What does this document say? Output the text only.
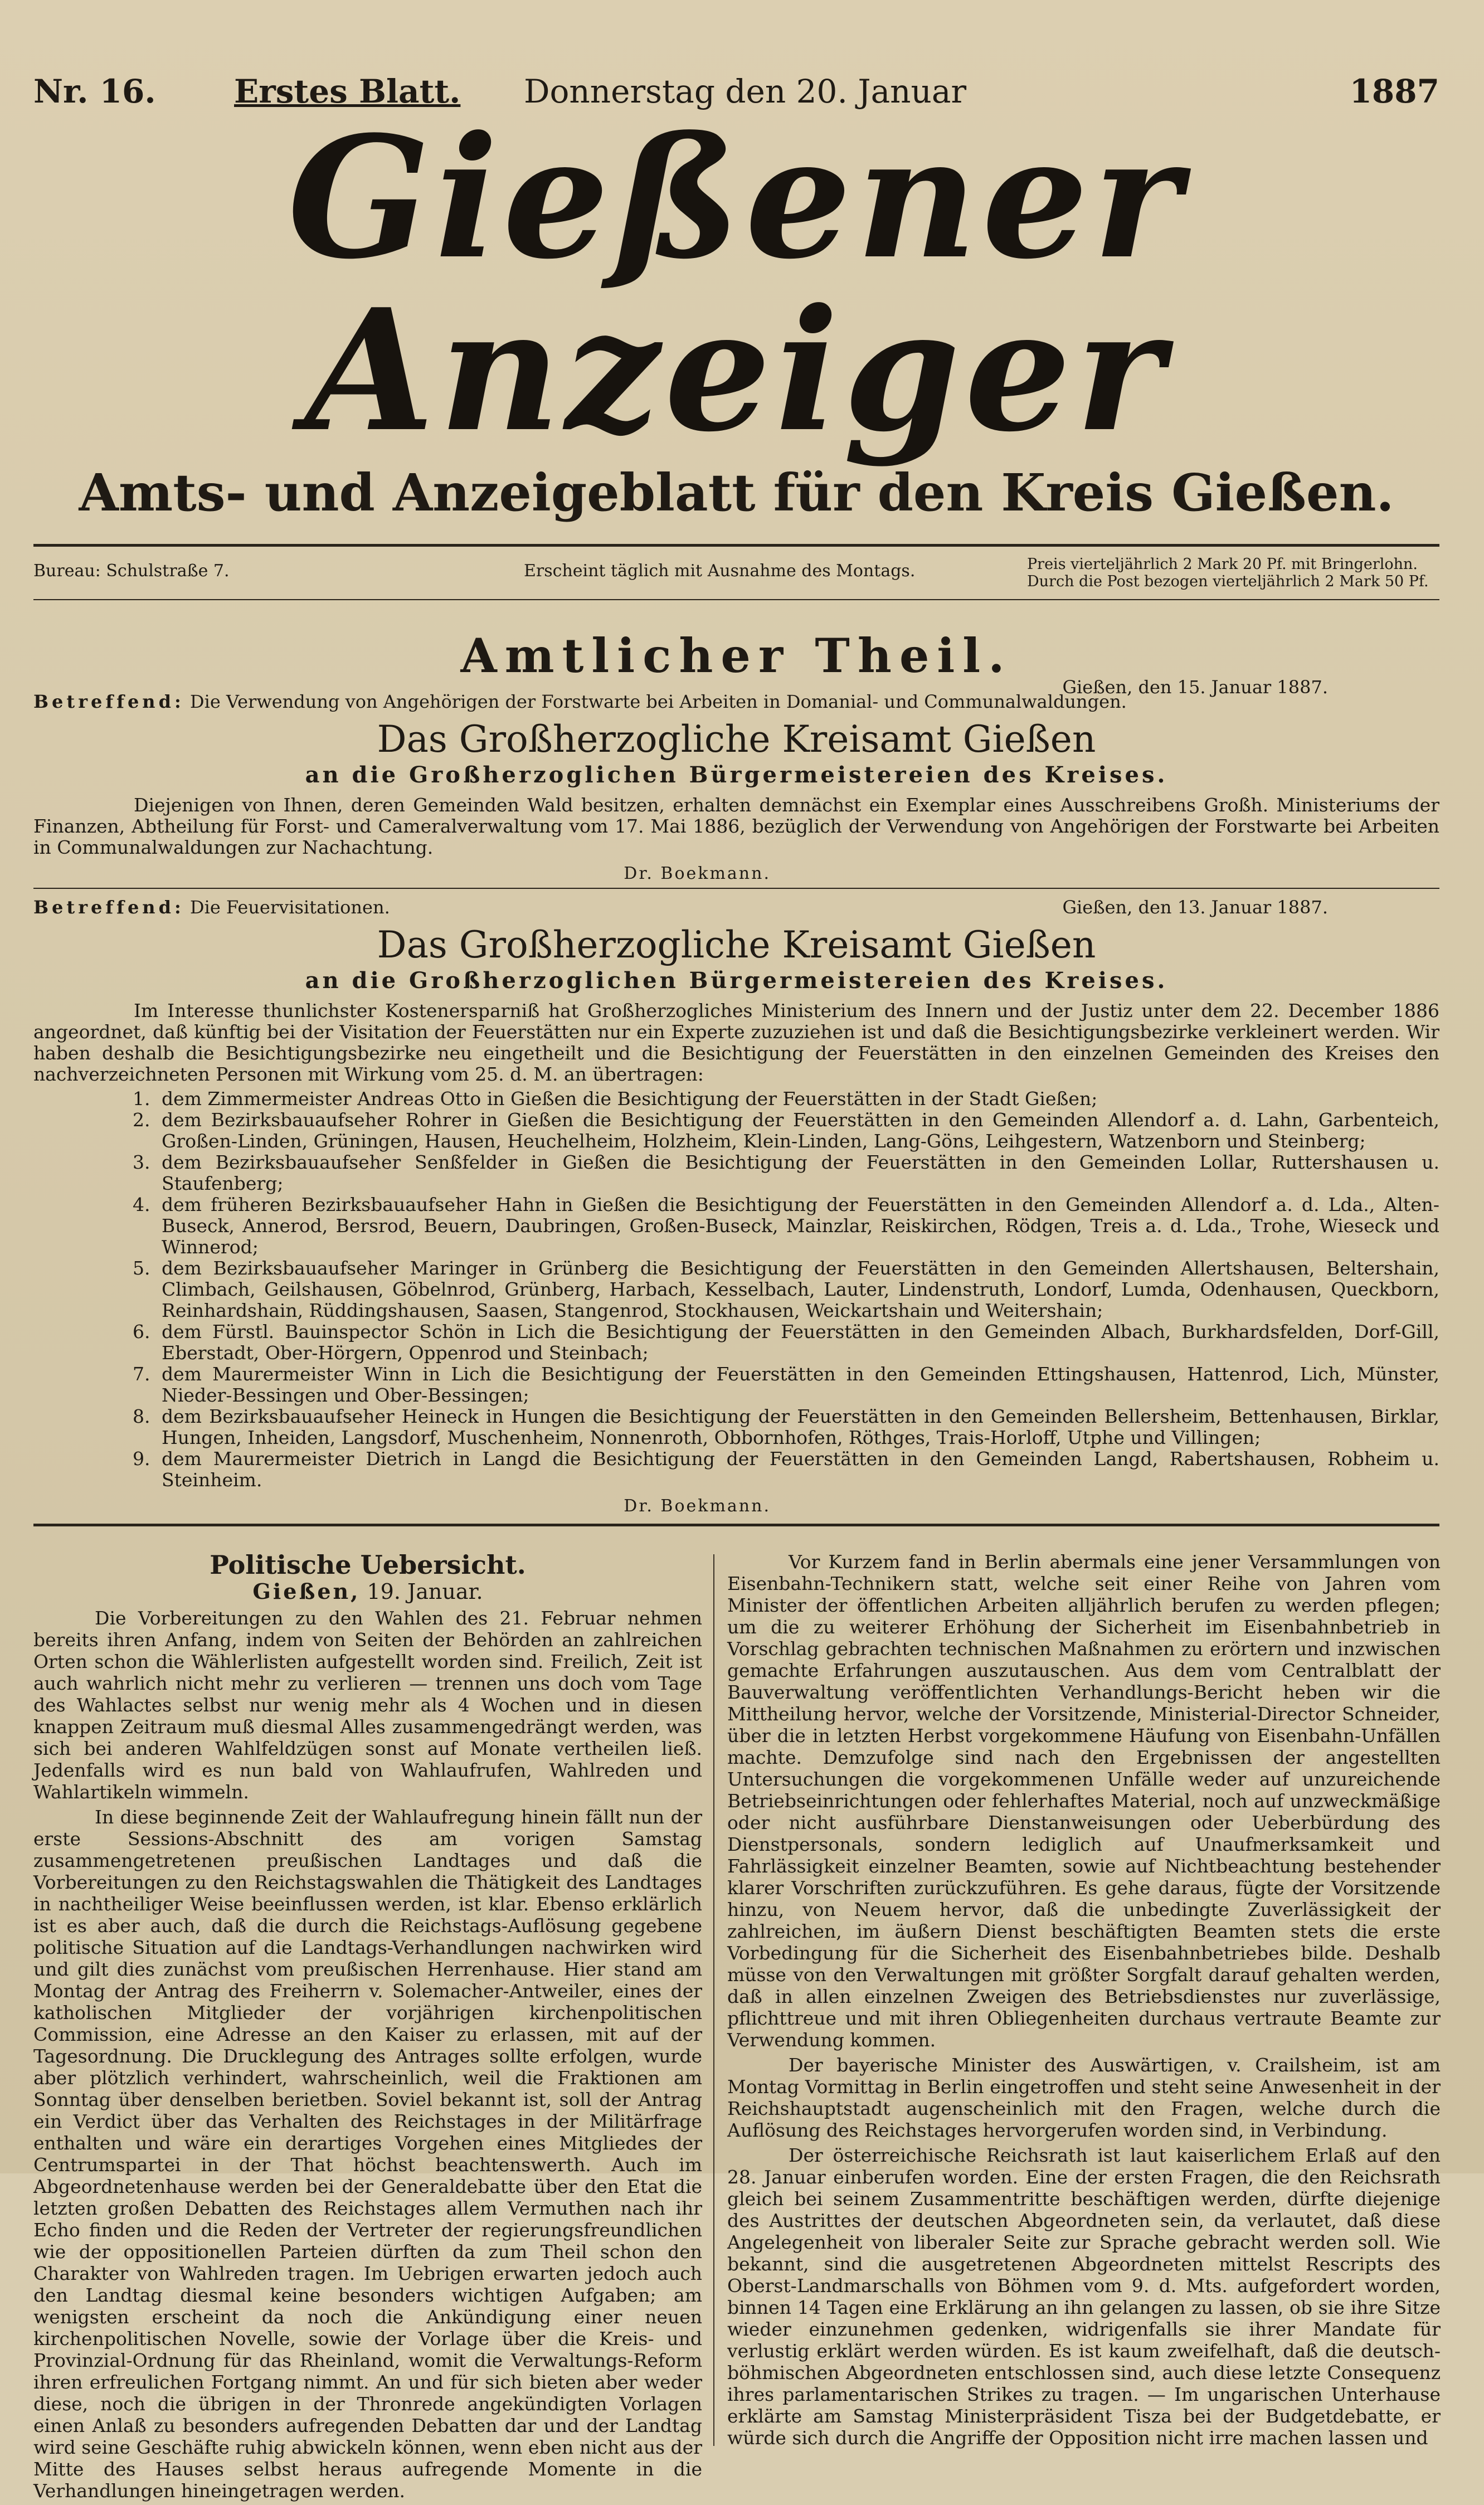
Nr. 16. Erstes Blatt. Donnerstag den 20. Januar	1887
Gießener Anzeiger
Amts- und Anzeigeblatt für den Kreis Gießen.
Bureau: Schulstraße 7.	Erscheint täglich mit Ausnahme des Montags.	Preis vierteljährlich 2 Mark 20 Pf. mit Bringerlohn.
Durch die Post bezogen vierteljährlich 2 Mark 50 Pf.
Amtlicher Theil.
Gießen, den 15. Januar 1887.
Betreffend: Die Verwendung von Angehörigen der Forstwarte bei Arbeiten in Domanial- und Communalwaldungen.
Das Großherzogliche Kreisamt Gießen
an die Großherzoglichen Bürgermeistereien des Kreises.
Diejenigen von Ihnen, deren Gemeinden Wald besitzen, erhalten demnächst ein Exemplar eines Ausschreibens Großh. Ministeriums der Finanzen, Abtheilung für Forst- und Cameralverwaltung vom 17. Mai 1886, bezüglich der Verwendung von Angehörigen der Forstwarte bei Arbeiten in Communalwaldungen zur Nachachtung.
Dr. Boekmann.
Gießen, den 13. Januar 1887.
Betreffend: Die Feuervisitationen.
Das Großherzogliche Kreisamt Gießen
an die Großherzoglichen Bürgermeistereien des Kreises.
Im Interesse thunlichster Kostenersparniß hat Großherzogliches Ministerium des Innern und der Justiz unter dem 22. December 1886 angeordnet, daß künftig bei der Visitation der Feuerstätten nur ein Experte zuzuziehen ist und daß die Besichtigungsbezirke verkleinert werden. Wir haben deshalb die Besichtigungsbezirke neu eingetheilt und die Besichtigung der Feuerstätten in den einzelnen Gemeinden des Kreises den nachverzeichneten Personen mit Wirkung vom 25. d. M. an übertragen:
1. dem Zimmermeister Andreas Otto in Gießen die Besichtigung der Feuerstätten in der Stadt Gießen;
2. dem Bezirksbauaufseher Rohrer in Gießen die Besichtigung der Feuerstätten in den Gemeinden Allendorf a. d. Lahn, Garbenteich, Großen-Linden, Grüningen, Hausen, Heuchelheim, Holzheim, Klein-Linden, Lang-Göns, Leihgestern, Watzenborn und Steinberg;
3. dem Bezirksbauaufseher Senßfelder in Gießen die Besichtigung der Feuerstätten in den Gemeinden Lollar, Ruttershausen u. Staufenberg;
4. dem früheren Bezirksbauaufseher Hahn in Gießen die Besichtigung der Feuerstätten in den Gemeinden Allendorf a. d. Lda., Alten-Buseck, Annerod, Bersrod, Beuern, Daubringen, Großen-Buseck, Mainzlar, Reiskirchen, Rödgen, Treis a. d. Lda., Trohe, Wieseck und Winnerod;
5. dem Bezirksbauaufseher Maringer in Grünberg die Besichtigung der Feuerstätten in den Gemeinden Allertshausen, Beltershain, Climbach, Geilshausen, Göbelnrod, Grünberg, Harbach, Kesselbach, Lauter, Lindenstruth, Londorf, Lumda, Odenhausen, Queckborn, Reinhardshain, Rüddingshausen, Saasen, Stangenrod, Stockhausen, Weickartshain und Weitershain;
6. dem Fürstl. Bauinspector Schön in Lich die Besichtigung der Feuerstätten in den Gemeinden Albach, Burkhardsfelden, Dorf-Gill, Eberstadt, Ober-Hörgern, Oppenrod und Steinbach;
7. dem Maurermeister Winn in Lich die Besichtigung der Feuerstätten in den Gemeinden Ettingshausen, Hattenrod, Lich, Münster, Nieder-Bessingen und Ober-Bessingen;
8. dem Bezirksbauaufseher Heineck in Hungen die Besichtigung der Feuerstätten in den Gemeinden Bellersheim, Bettenhausen, Birklar, Hungen, Inheiden, Langsdorf, Muschenheim, Nonnenroth, Obbornhofen, Röthges, Trais-Horloff, Utphe und Villingen;
9. dem Maurermeister Dietrich in Langd die Besichtigung der Feuerstätten in den Gemeinden Langd, Rabertshausen, Robheim u. Steinheim.
Dr. Boekmann.
Politische Uebersicht.
Gießen, 19. Januar.

Die Vorbereitungen zu den Wahlen des 21. Februar nehmen bereits ihren Anfang, indem von Seiten der Behörden an zahlreichen Orten schon die Wählerlisten aufgestellt worden sind. Freilich, Zeit ist auch wahrlich nicht mehr zu verlieren — trennen uns doch vom Tage des Wahlactes selbst nur wenig mehr als 4 Wochen und in diesen knappen Zeitraum muß diesmal Alles zusammengedrängt werden, was sich bei anderen Wahlfeldzügen sonst auf Monate vertheilen ließ. Jedenfalls wird es nun bald von Wahlaufrufen, Wahlreden und Wahlartikeln wimmeln.

In diese beginnende Zeit der Wahlaufregung hinein fällt nun der erste Sessions-Abschnitt des am vorigen Samstag zusammengetretenen preußischen Landtages und daß die Vorbereitungen zu den Reichstagswahlen die Thätigkeit des Landtages in nachtheiliger Weise beeinflussen werden, ist klar. Ebenso erklärlich ist es aber auch, daß die durch die Reichstags-Auflösung gegebene politische Situation auf die Landtags-Verhandlungen nachwirken wird und gilt dies zunächst vom preußischen Herrenhause. Hier stand am Montag der Antrag des Freiherrn v. Solemacher-Antweiler, eines der katholischen Mitglieder der vorjährigen kirchenpolitischen Commission, eine Adresse an den Kaiser zu erlassen, mit auf der Tagesordnung. Die Drucklegung des Antrages sollte erfolgen, wurde aber plötzlich verhindert, wahrscheinlich, weil die Fraktionen am Sonntag über denselben berietben. Soviel bekannt ist, soll der Antrag ein Verdict über das Verhalten des Reichstages in der Militärfrage enthalten und wäre ein derartiges Vorgehen eines Mitgliedes der Centrumspartei in der That höchst beachtenswerth. Auch im Abgeordnetenhause werden bei der Generaldebatte über den Etat die letzten großen Debatten des Reichstages allem Vermuthen nach ihr Echo finden und die Reden der Vertreter der regierungsfreundlichen wie der oppositionellen Parteien dürften da zum Theil schon den Charakter von Wahlreden tragen. Im Uebrigen erwarten jedoch auch den Landtag diesmal keine besonders wichtigen Aufgaben; am wenigsten erscheint da noch die Ankündigung einer neuen kirchenpolitischen Novelle, sowie der Vorlage über die Kreis- und Provinzial-Ordnung für das Rheinland, womit die Verwaltungs-Reform ihren erfreulichen Fortgang nimmt. An und für sich bieten aber weder diese, noch die übrigen in der Thronrede angekündigten Vorlagen einen Anlaß zu besonders aufregenden Debatten dar und der Landtag wird seine Geschäfte ruhig abwickeln können, wenn eben nicht aus der Mitte des Hauses selbst heraus aufregende Momente in die Verhandlungen hineingetragen werden.

Vor Kurzem fand in Berlin abermals eine jener Versammlungen von Eisenbahn-Technikern statt, welche seit einer Reihe von Jahren vom Minister der öffentlichen Arbeiten alljährlich berufen zu werden pflegen; um die zu weiterer Erhöhung der Sicherheit im Eisenbahnbetrieb in Vorschlag gebrachten technischen Maßnahmen zu erörtern und inzwischen gemachte Erfahrungen auszutauschen. Aus dem vom Centralblatt der Bauverwaltung veröffentlichten Verhandlungs-Bericht heben wir die Mittheilung hervor, welche der Vorsitzende, Ministerial-Director Schneider, über die in letzten Herbst vorgekommene Häufung von Eisenbahn-Unfällen machte. Demzufolge sind nach den Ergebnissen der angestellten Untersuchungen die vorgekommenen Unfälle weder auf unzureichende Betriebseinrichtungen oder fehlerhaftes Material, noch auf unzweckmäßige oder nicht ausführbare Dienstanweisungen oder Ueberbürdung des Dienstpersonals, sondern lediglich auf Unaufmerksamkeit und Fahrlässigkeit einzelner Beamten, sowie auf Nichtbeachtung bestehender klarer Vorschriften zurückzuführen. Es gehe daraus, fügte der Vorsitzende hinzu, von Neuem hervor, daß die unbedingte Zuverlässigkeit der zahlreichen, im äußern Dienst beschäftigten Beamten stets die erste Vorbedingung für die Sicherheit des Eisenbahnbetriebes bilde. Deshalb müsse von den Verwaltungen mit größter Sorgfalt darauf gehalten werden, daß in allen einzelnen Zweigen des Betriebsdienstes nur zuverlässige, pflichttreue und mit ihren Obliegenheiten durchaus vertraute Beamte zur Verwendung kommen.

Der bayerische Minister des Auswärtigen, v. Crailsheim, ist am Montag Vormittag in Berlin eingetroffen und steht seine Anwesenheit in der Reichshauptstadt augenscheinlich mit den Fragen, welche durch die Auflösung des Reichstages hervorgerufen worden sind, in Verbindung.

Der österreichische Reichsrath ist laut kaiserlichem Erlaß auf den 28. Januar einberufen worden. Eine der ersten Fragen, die den Reichsrath gleich bei seinem Zusammentritte beschäftigen werden, dürfte diejenige des Austrittes der deutschen Abgeordneten sein, da verlautet, daß diese Angelegenheit von liberaler Seite zur Sprache gebracht werden soll. Wie bekannt, sind die ausgetretenen Abgeordneten mittelst Rescripts des Oberst-Landmarschalls von Böhmen vom 9. d. Mts. aufgefordert worden, binnen 14 Tagen eine Erklärung an ihn gelangen zu lassen, ob sie ihre Sitze wieder einzunehmen gedenken, widrigenfalls sie ihrer Mandate für verlustig erklärt werden würden. Es ist kaum zweifelhaft, daß die deutsch-böhmischen Abgeordneten entschlossen sind, auch diese letzte Consequenz ihres parlamentarischen Strikes zu tragen. — Im ungarischen Unterhause erklärte am Samstag Ministerpräsident Tisza bei der Budgetdebatte, er würde sich durch die Angriffe der Opposition nicht irre machen lassen und
